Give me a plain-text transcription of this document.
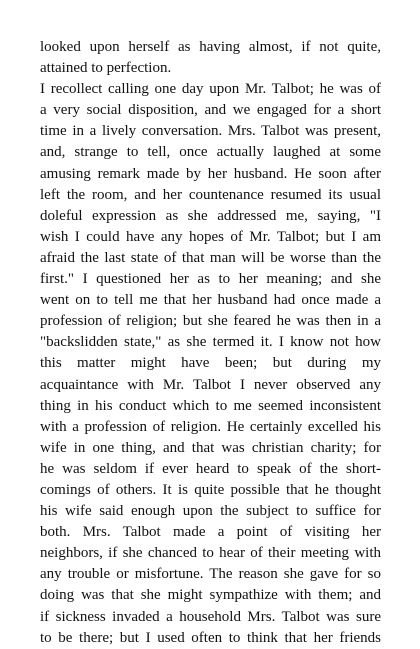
looked upon herself as having almost, if not quite,
attained to perfection.
I recollect calling one day upon Mr. Talbot; he was of
a very social disposition, and we engaged for a short
time in a lively conversation. Mrs. Talbot was present,
and, strange to tell, once actually laughed at some
amusing remark made by her husband. He soon after
left the room, and her countenance resumed its usual
doleful expression as she addressed me, saying, "I
wish I could have any hopes of Mr. Talbot; but I am
afraid the last state of that man will be worse than the
first." I questioned her as to her meaning; and she
went on to tell me that her husband had once made a
profession of religion; but she feared he was then in a
"backslidden state," as she termed it. I know not how
this matter might have been; but during my
acquaintance with Mr. Talbot I never observed any
thing in his conduct which to me seemed inconsistent
with a profession of religion. He certainly excelled his
wife in one thing, and that was christian charity; for
he was seldom if ever heard to speak of the short-
comings of others. It is quite possible that he thought
his wife said enough upon the subject to suffice for
both. Mrs. Talbot made a point of visiting her
neighbors, if she chanced to hear of their meeting with
any trouble or misfortune. The reason she gave for so
doing was that she might sympathize with them; and
if sickness invaded a household Mrs. Talbot was sure
to be there; but I used often to think that her friends
